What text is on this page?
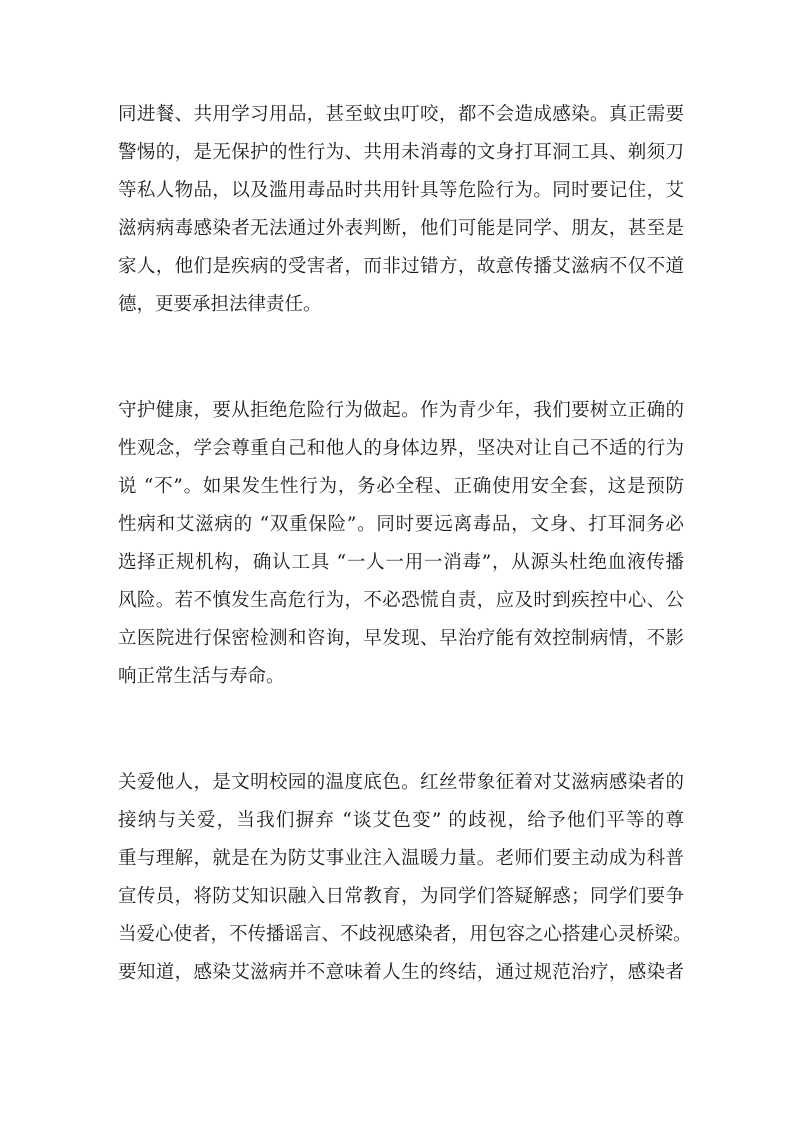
同进餐、共用学习用品，甚至蚊虫叮咬，都不会造成感染。真正需要
警惕的，是无保护的性行为、共用未消毒的文身打耳洞工具、剃须刀
等私人物品，以及滥用毒品时共用针具等危险行为。同时要记住，艾
滋病病毒感染者无法通过外表判断，他们可能是同学、朋友，甚至是
家人，他们是疾病的受害者，而非过错方，故意传播艾滋病不仅不道
德，更要承担法律责任。
守护健康，要从拒绝危险行为做起。作为青少年，我们要树立正确的
性观念，学会尊重自己和他人的身体边界，坚决对让自己不适的行为
说 “不”。如果发生性行为，务必全程、正确使用安全套，这是预防
性病和艾滋病的 “双重保险”。同时要远离毒品，文身、打耳洞务必
选择正规机构，确认工具 “一人一用一消毒”，从源头杜绝血液传播
风险。若不慎发生高危行为，不必恐慌自责，应及时到疾控中心、公
立医院进行保密检测和咨询，早发现、早治疗能有效控制病情，不影
响正常生活与寿命。
关爱他人，是文明校园的温度底色。红丝带象征着对艾滋病感染者的
接纳与关爱，当我们摒弃 “谈艾色变” 的歧视，给予他们平等的尊
重与理解，就是在为防艾事业注入温暖力量。老师们要主动成为科普
宣传员，将防艾知识融入日常教育，为同学们答疑解惑；同学们要争
当爱心使者，不传播谣言、不歧视感染者，用包容之心搭建心灵桥梁。
要知道，感染艾滋病并不意味着人生的终结，通过规范治疗，感染者
